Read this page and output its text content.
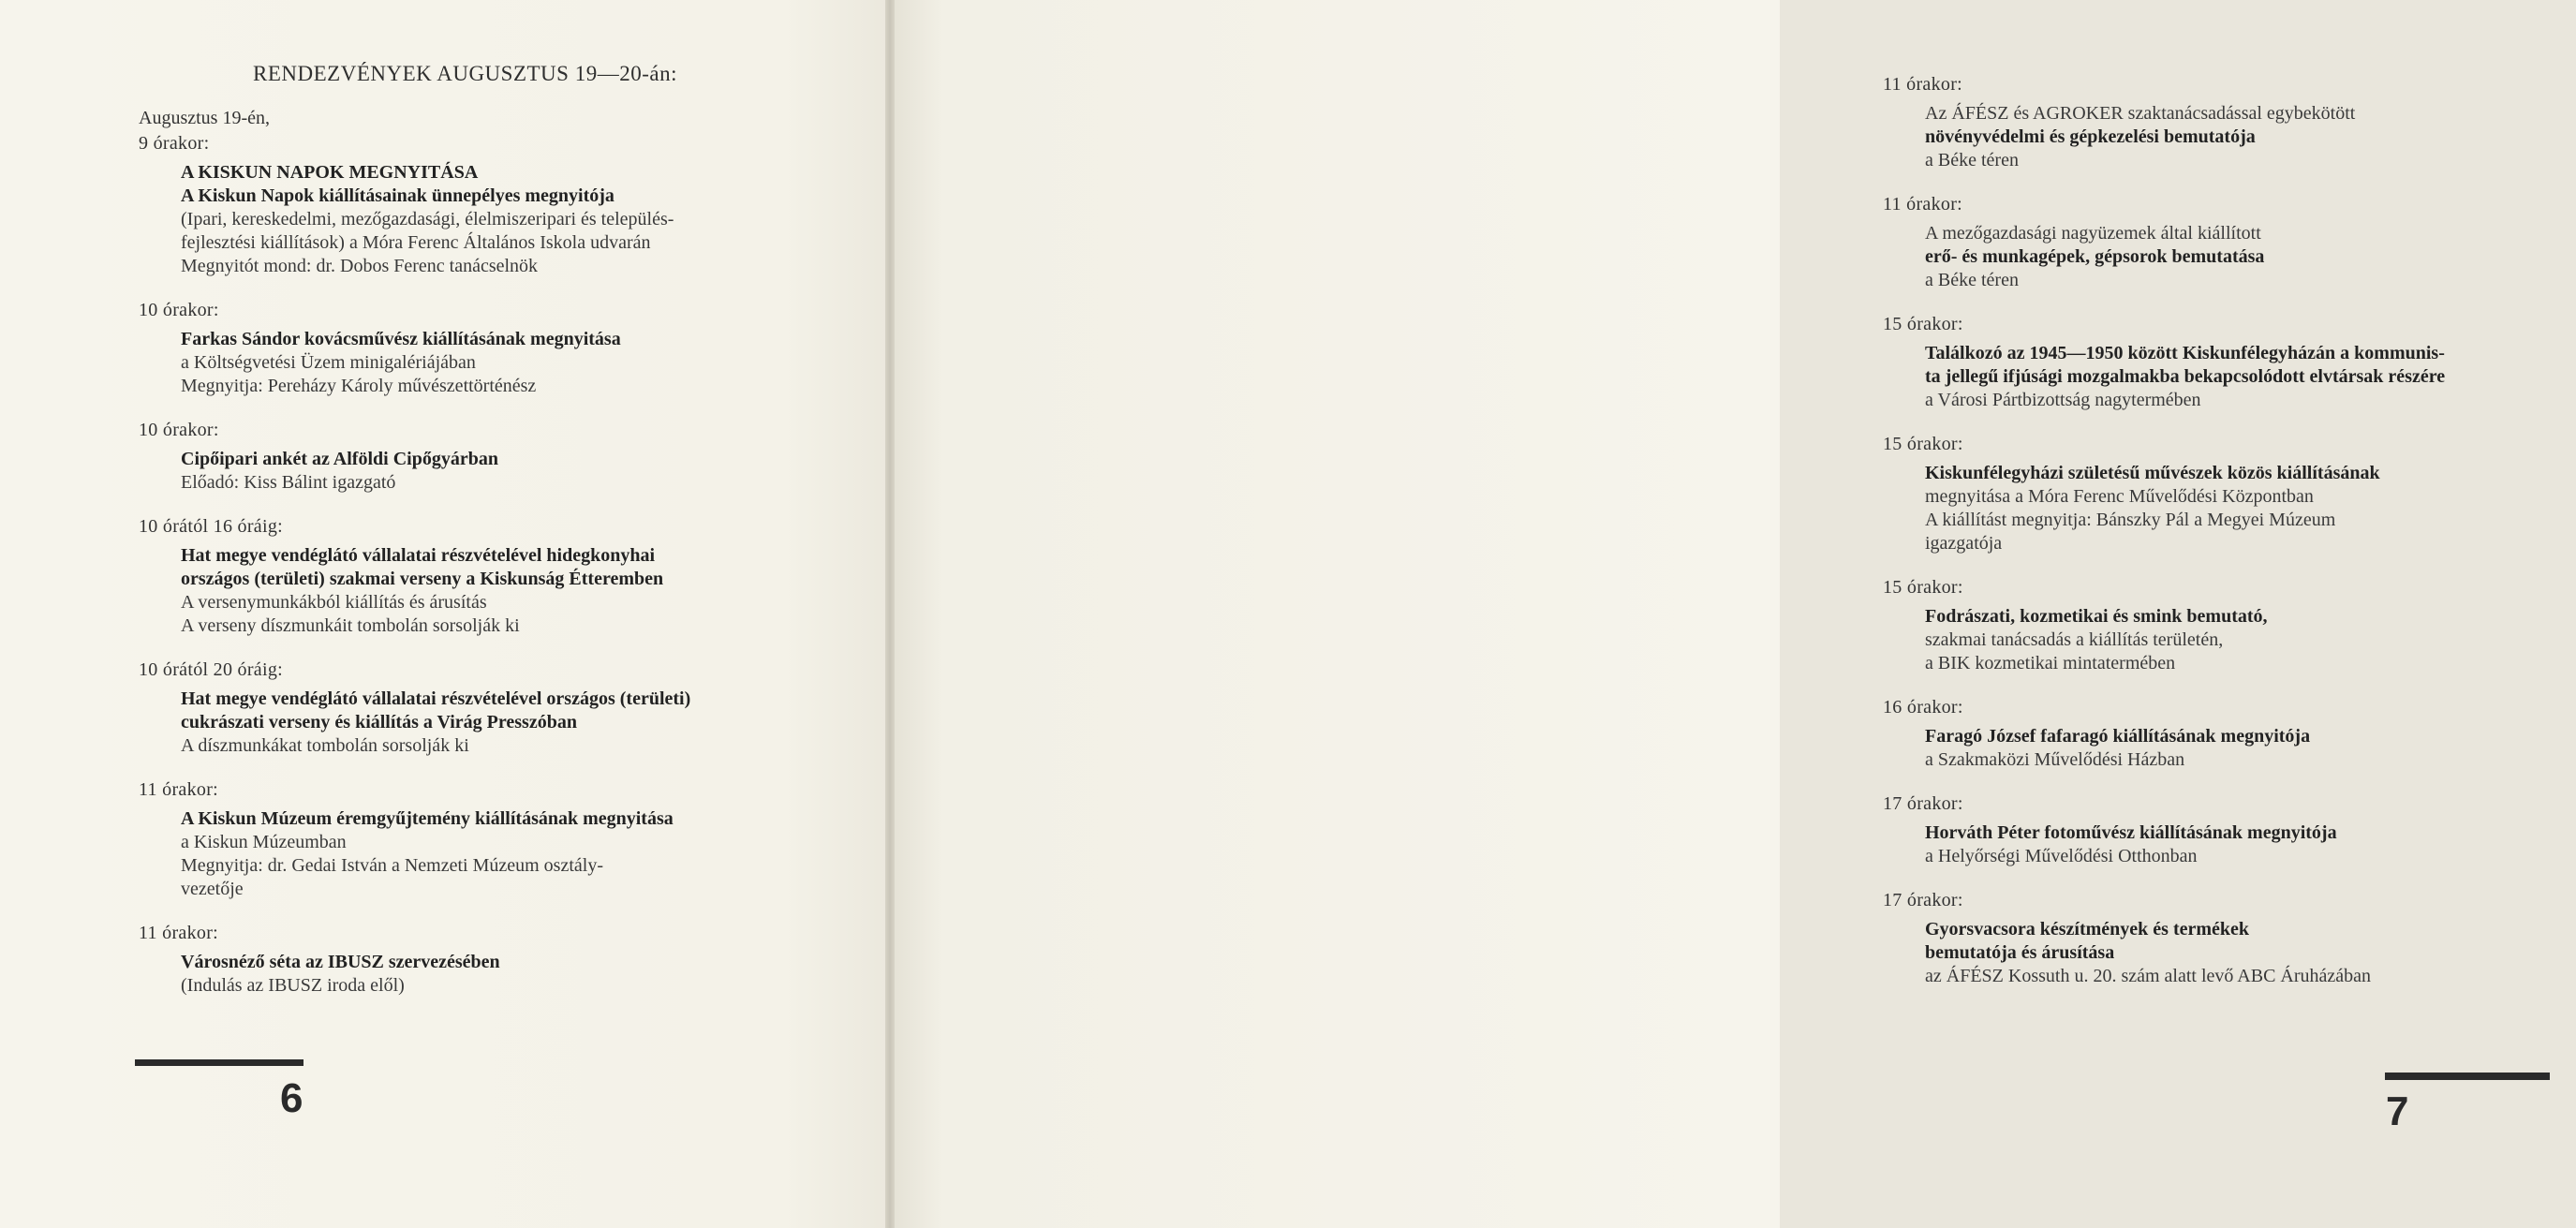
RENDEZVÉNYEK AUGUSZTUS 19—20-án:
Augusztus 19-én,
9 órakor:
A KISKUN NAPOK MEGNYITÁSA
A Kiskun Napok kiállításainak ünnepélyes megnyitója
(Ipari, kereskedelmi, mezőgazdasági, élelmiszeripari és település-
fejlesztési kiállítások) a Móra Ferenc Általános Iskola udvarán
Megnyitót mond: dr. Dobos Ferenc tanácselnök
10 órakor:
Farkas Sándor kovácsművész kiállításának megnyitása
a Költségvetési Üzem minigalériájában
Megnyitja: Pereházy Károly művészettörténész
10 órakor:
Cipőipari ankét az Alföldi Cipőgyárban
Előadó: Kiss Bálint igazgató
10 órától 16 óráig:
Hat megye vendéglátó vállalatai részvételével hidegkonyhai
országos (területi) szakmai verseny a Kiskunság Étteremben
A versenymunkákból kiállítás és árusítás
A verseny díszmunkáit tombolán sorsolják ki
10 órától 20 óráig:
Hat megye vendéglátó vállalatai részvételével országos (területi)
cukrászati verseny és kiállítás a Virág Presszóban
A díszmunkákat tombolán sorsolják ki
11 órakor:
A Kiskun Múzeum éremgyűjtemény kiállításának megnyitása
a Kiskun Múzeumban
Megnyitja: dr. Gedai István a Nemzeti Múzeum osztály-
vezetője
11 órakor:
Városnéző séta az IBUSZ szervezésében
(Indulás az IBUSZ iroda elől)
6
11 órakor:
Az ÁFÉSZ és AGROKER szaktanácsadással egybekötött
növényvédelmi és gépkezelési bemutatója
a Béke téren
11 órakor:
A mezőgazdasági nagyüzemek által kiállított
erő- és munkagépek, gépsorok bemutatása
a Béke téren
15 órakor:
Találkozó az 1945—1950 között Kiskunfélegyházán a kommunis-
ta jellegű ifjúsági mozgalmakba bekapcsolódott elvtársak részére
a Városi Pártbizottság nagytermében
15 órakor:
Kiskunfélegyházi születésű művészek közös kiállításának
megnyitása a Móra Ferenc Művelődési Központban
A kiállítást megnyitja: Bánszky Pál a Megyei Múzeum
igazgatója
15 órakor:
Fodrászati, kozmetikai és smink bemutató,
szakmai tanácsadás a kiállítás területén,
a BIK kozmetikai mintatermében
16 órakor:
Faragó József fafaragó kiállításának megnyitója
a Szakmaközi Művelődési Házban
17 órakor:
Horváth Péter fotoművész kiállításának megnyitója
a Helyőrségi Művelődési Otthonban
17 órakor:
Gyorsvacsora készítmények és termékek
bemutatója és árusítása
az ÁFÉSZ Kossuth u. 20. szám alatt levő ABC Áruházában
7
